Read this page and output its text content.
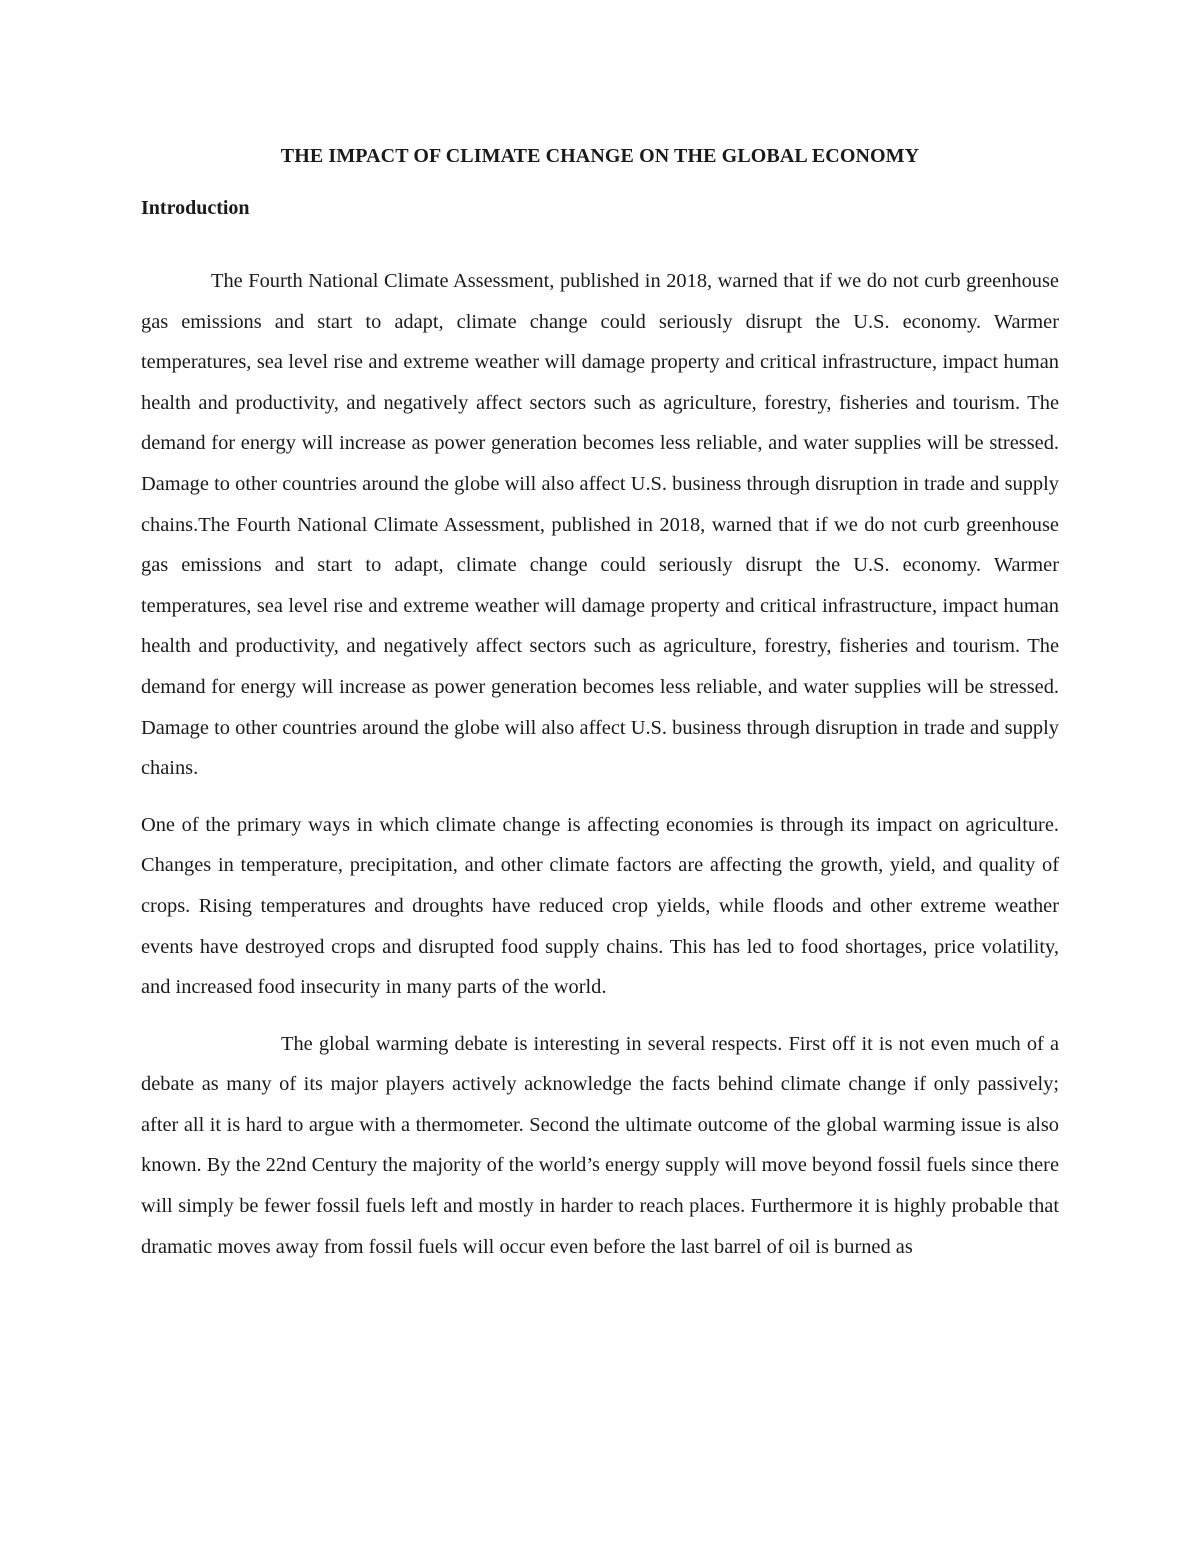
THE IMPACT OF CLIMATE CHANGE ON THE GLOBAL ECONOMY
Introduction

The Fourth National Climate Assessment, published in 2018, warned that if we do not curb greenhouse gas emissions and start to adapt, climate change could seriously disrupt the U.S. economy. Warmer temperatures, sea level rise and extreme weather will damage property and critical infrastructure, impact human health and productivity, and negatively affect sectors such as agriculture, forestry, fisheries and tourism. The demand for energy will increase as power generation becomes less reliable, and water supplies will be stressed. Damage to other countries around the globe will also affect U.S. business through disruption in trade and supply chains.The Fourth National Climate Assessment, published in 2018, warned that if we do not curb greenhouse gas emissions and start to adapt, climate change could seriously disrupt the U.S. economy. Warmer temperatures, sea level rise and extreme weather will damage property and critical infrastructure, impact human health and productivity, and negatively affect sectors such as agriculture, forestry, fisheries and tourism. The demand for energy will increase as power generation becomes less reliable, and water supplies will be stressed. Damage to other countries around the globe will also affect U.S. business through disruption in trade and supply chains.

One of the primary ways in which climate change is affecting economies is through its impact on agriculture. Changes in temperature, precipitation, and other climate factors are affecting the growth, yield, and quality of crops. Rising temperatures and droughts have reduced crop yields, while floods and other extreme weather events have destroyed crops and disrupted food supply chains. This has led to food shortages, price volatility, and increased food insecurity in many parts of the world.

The global warming debate is interesting in several respects. First off it is not even much of a debate as many of its major players actively acknowledge the facts behind climate change if only passively; after all it is hard to argue with a thermometer. Second the ultimate outcome of the global warming issue is also known. By the 22nd Century the majority of the world’s energy supply will move beyond fossil fuels since there will simply be fewer fossil fuels left and mostly in harder to reach places. Furthermore it is highly probable that dramatic moves away from fossil fuels will occur even before the last barrel of oil is burned as
